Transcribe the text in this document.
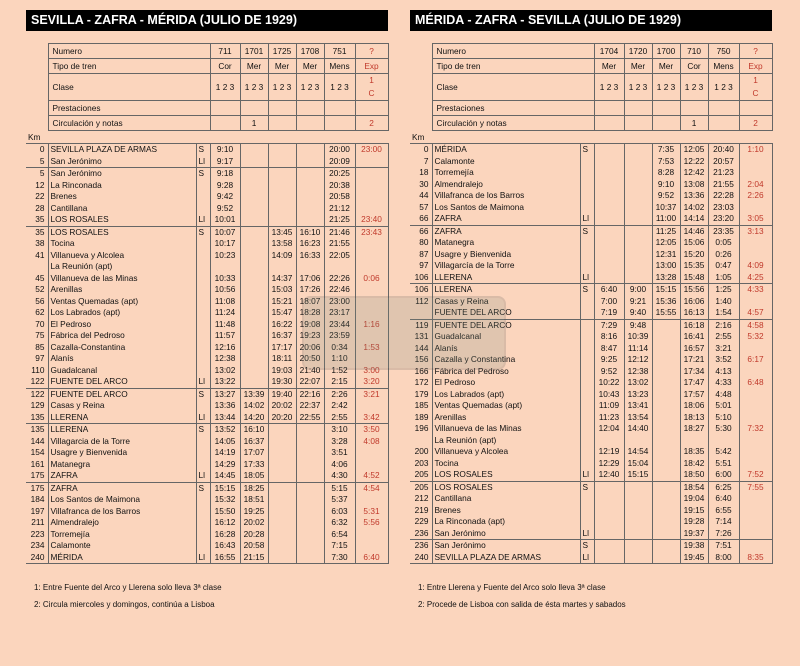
SEVILLA - ZAFRA - MÉRIDA (JULIO DE 1929)
	Numero	711	1701	1725	1708	751	?
	Tipo de tren	Cor	Mer	Mer	Mer	Mens	Exp
	Clase	1 2 3	1 2 3	1 2 3	1 2 3	1 2 3	1
C
	Prestaciones						
	Circulación y notas		1				2
Km
0	SEVILLA PLAZA DE ARMAS	S	9:10				20:00	23:00
5	San Jerónimo	Ll	9:17				20:09	
5	San Jerónimo	S	9:18				20:25	
12	La Rinconada		9:28				20:38	
22	Brenes		9:42				20:58	
28	Cantillana		9:52				21:12	
35	LOS ROSALES	Ll	10:01				21:25	23:40
35	LOS ROSALES	S	10:07		13:45	16:10	21:46	23:43
38	Tocina		10:17		13:58	16:23	21:55	
41	Villanueva y Alcolea		10:23		14:09	16:33	22:05	
	La Reunión (apt)							
45	Villanueva de las Minas		10:33		14:37	17:06	22:26	0:06
52	Arenillas		10:56		15:03	17:26	22:46	
56	Ventas Quemadas (apt)		11:08		15:21	18:07	23:00	
62	Los Labrados (apt)		11:24		15:47	18:28	23:17	
70	El Pedroso		11:48		16:22	19:08	23:44	1:16
75	Fábrica del Pedroso		11:57		16:37	19:23	23:59	
85	Cazalla-Constantina		12:16		17:17	20:06	0:34	1:53
97	Alanís		12:38		18:11	20:50	1:10	
110	Guadalcanal		13:02		19:03	21:40	1:52	3:00
122	FUENTE DEL ARCO	Ll	13:22		19:30	22:07	2:15	3:20
122	FUENTE DEL ARCO	S	13:27	13:39	19:40	22:16	2:26	3:21
129	Casas y Reina		13:36	14:02	20:02	22:37	2:42	
135	LLERENA	Ll	13:44	14:20	20:20	22:55	2:55	3:42
135	LLERENA	S	13:52	16:10			3:10	3:50
144	Villagarcia de la Torre		14:05	16:37			3:28	4:08
154	Usagre y Bienvenida		14:19	17:07			3:51	
161	Matanegra		14:29	17:33			4:06	
175	ZAFRA	Ll	14:45	18:05			4:30	4:52
175	ZAFRA	S	15:15	18:25			5:15	4:54
184	Los Santos de Maimona		15:32	18:51			5:37	
197	Villafranca de los Barros		15:50	19:25			6:03	5:31
211	Almendralejo		16:12	20:02			6:32	5:56
223	Torremejía		16:28	20:28			6:54	
234	Calamonte		16:43	20:58			7:15	
240	MÉRIDA	Ll	16:55	21:15			7:30	6:40
1: Entre Fuente del Arco y Llerena solo lleva 3ª clase
2: Circula miercoles y domingos, continúa a Lisboa
MÉRIDA - ZAFRA - SEVILLA (JULIO DE 1929)
	Numero	1704	1720	1700	710	750	?
	Tipo de tren	Mer	Mer	Mer	Cor	Mens	Exp
	Clase	1 2 3	1 2 3	1 2 3	1 2 3	1 2 3	1
C
	Prestaciones						
	Circulación y notas				1		2
Km
0	MÉRIDA	S			7:35	12:05	20:40	1:10
7	Calamonte				7:53	12:22	20:57	
18	Torremejía				8:28	12:42	21:23	
30	Almendralejo				9:10	13:08	21:55	2:04
44	Villafranca de los Barros				9:52	13:36	22:28	2:26
57	Los Santos de Maimona				10:37	14:02	23:03	
66	ZAFRA	Ll			11:00	14:14	23:20	3:05
66	ZAFRA	S			11:25	14:46	23:35	3:13
80	Matanegra				12:05	15:06	0:05	
87	Usagre y Bienvenida				12:31	15:20	0:26	
97	Villagarcía de la Torre				13:00	15:35	0:47	4:09
106	LLERENA	Ll			13:28	15:48	1:05	4:25
106	LLERENA	S	6:40	9:00	15:15	15:56	1:25	4:33
112	Casas y Reina		7:00	9:21	15:36	16:06	1:40	
	FUENTE DEL ARCO		7:19	9:40	15:55	16:13	1:54	4:57
119	FUENTE DEL ARCO		7:29	9:48		16:18	2:16	4:58
131	Guadalcanal		8:16	10:39		16:41	2:55	5:32
144	Alanís		8:47	11:14		16:57	3:21	
156	Cazalla y Constantina		9:25	12:12		17:21	3:52	6:17
166	Fábrica del Pedroso		9:52	12:38		17:34	4:13	
172	El Pedroso		10:22	13:02		17:47	4:33	6:48
179	Los Labrados (apt)		10:43	13:23		17:57	4:48	
185	Ventas Quemadas (apt)		11:09	13:41		18:06	5:01	
189	Arenillas		11:23	13:54		18:13	5:10	
196	Villanueva de las Minas		12:04	14:40		18:27	5:30	7:32
	La Reunión (apt)							
200	Villanueva y Alcolea		12:19	14:54		18:35	5:42	
203	Tocina		12:29	15:04		18:42	5:51	
205	LOS ROSALES	Ll	12:40	15:15		18:50	6:00	7:52
205	LOS ROSALES	S				18:54	6:25	7:55
212	Cantillana					19:04	6:40	
219	Brenes					19:15	6:55	
229	La Rinconada (apt)					19:28	7:14	
236	San Jerónimo	Ll				19:37	7:26	
236	San Jerónimo	S				19:38	7:51	
240	SEVILLA PLAZA DE ARMAS	Ll				19:45	8:00	8:35
1: Entre Llerena y Fuente del Arco solo lleva 3ª clase
2: Procede de Lisboa con salida de ésta martes y sabados
